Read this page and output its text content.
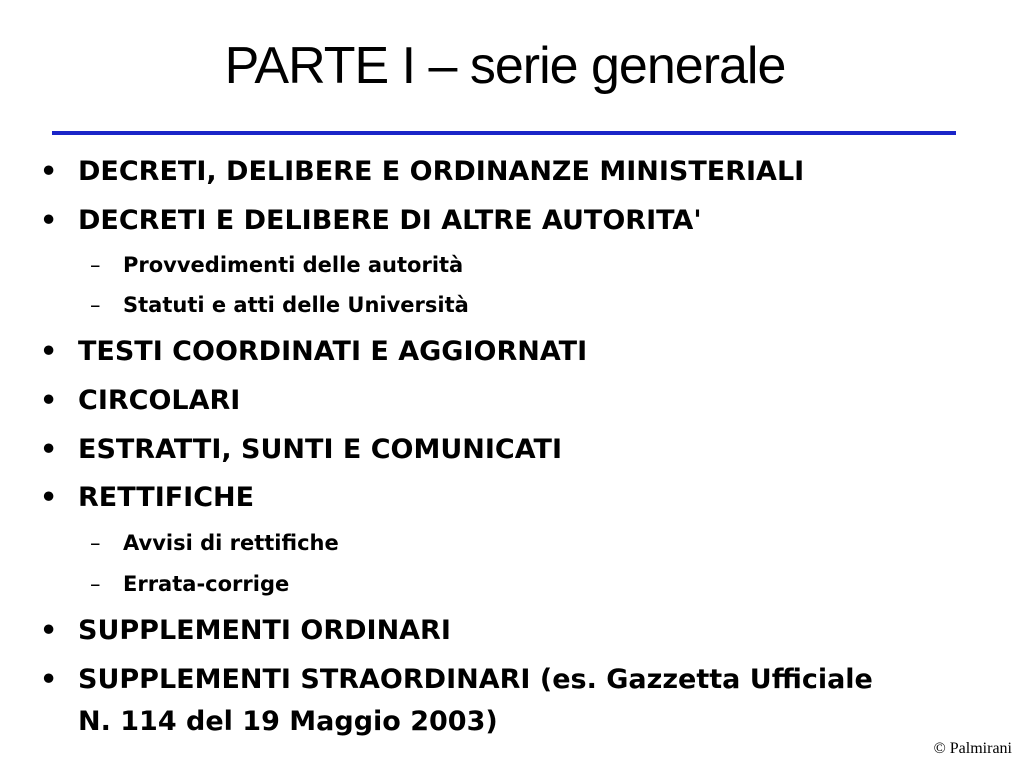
PARTE I – serie generale
• DECRETI, DELIBERE E ORDINANZE MINISTERIALI
• DECRETI E DELIBERE DI ALTRE AUTORITA'
– Provvedimenti delle autorità
– Statuti e atti delle Università
• TESTI COORDINATI E AGGIORNATI
• CIRCOLARI
• ESTRATTI, SUNTI E COMUNICATI
• RETTIFICHE
– Avvisi di rettifiche
– Errata-corrige
• SUPPLEMENTI ORDINARI
• SUPPLEMENTI STRAORDINARI (es. Gazzetta Ufficiale N. 114 del 19 Maggio 2003)
© Palmirani
